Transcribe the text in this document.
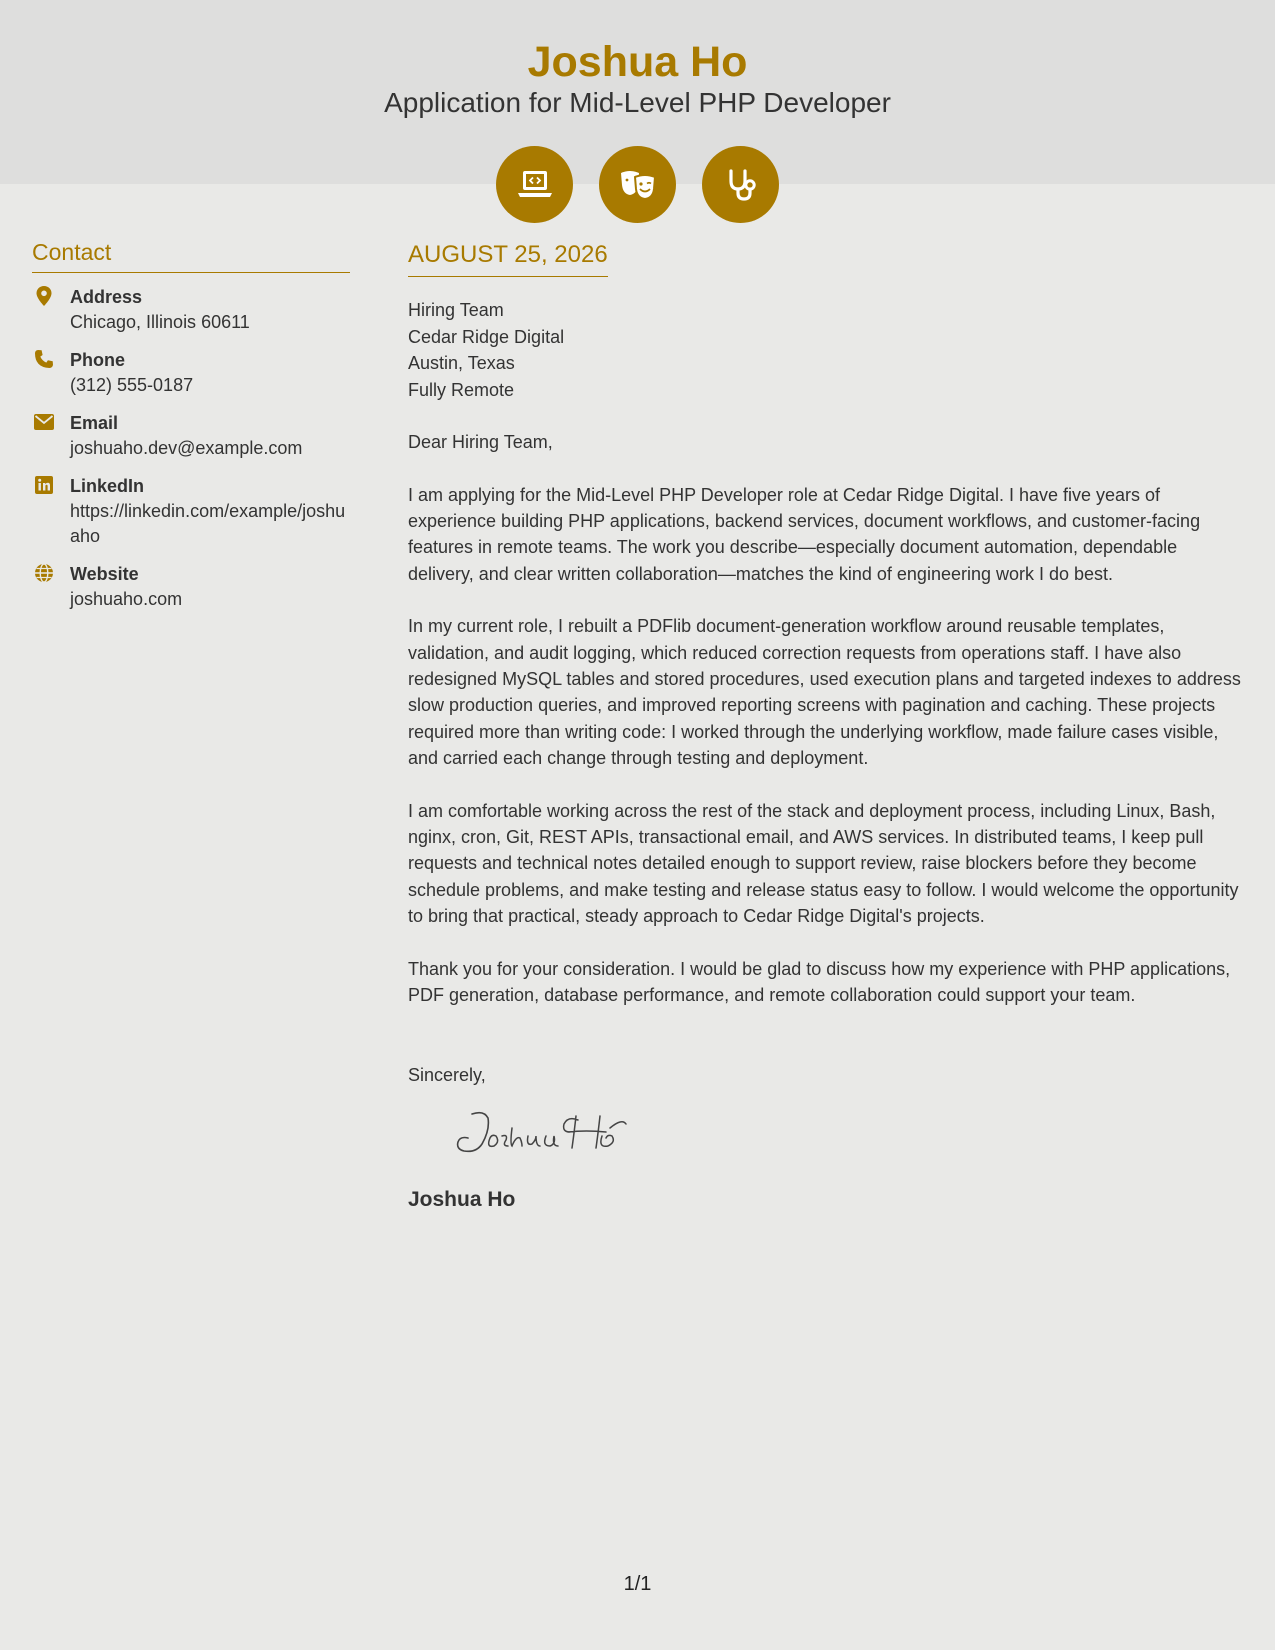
Joshua Ho
Application for Mid-Level PHP Developer
Contact
Address
Chicago, Illinois 60611
Phone
(312) 555-0187
Email
joshuaho.dev@example.com
LinkedIn
https://linkedin.com/example/joshuaho
Website
joshuaho.com
AUGUST 25, 2026
Hiring Team
Cedar Ridge Digital
Austin, Texas
Fully Remote
Dear Hiring Team,

I am applying for the Mid-Level PHP Developer role at Cedar Ridge Digital. I have five years of experience building PHP applications, backend services, document workflows, and customer-facing features in remote teams. The work you describe—especially document automation, dependable delivery, and clear written collaboration—matches the kind of engineering work I do best.

In my current role, I rebuilt a PDFlib document-generation workflow around reusable templates, validation, and audit logging, which reduced correction requests from operations staff. I have also redesigned MySQL tables and stored procedures, used execution plans and targeted indexes to address slow production queries, and improved reporting screens with pagination and caching. These projects required more than writing code: I worked through the underlying workflow, made failure cases visible, and carried each change through testing and deployment.

I am comfortable working across the rest of the stack and deployment process, including Linux, Bash, nginx, cron, Git, REST APIs, transactional email, and AWS services. In distributed teams, I keep pull requests and technical notes detailed enough to support review, raise blockers before they become schedule problems, and make testing and release status easy to follow. I would welcome the opportunity to bring that practical, steady approach to Cedar Ridge Digital's projects.

Thank you for your consideration. I would be glad to discuss how my experience with PHP applications, PDF generation, database performance, and remote collaboration could support your team.

Sincerely,
Joshua Ho
1/1
